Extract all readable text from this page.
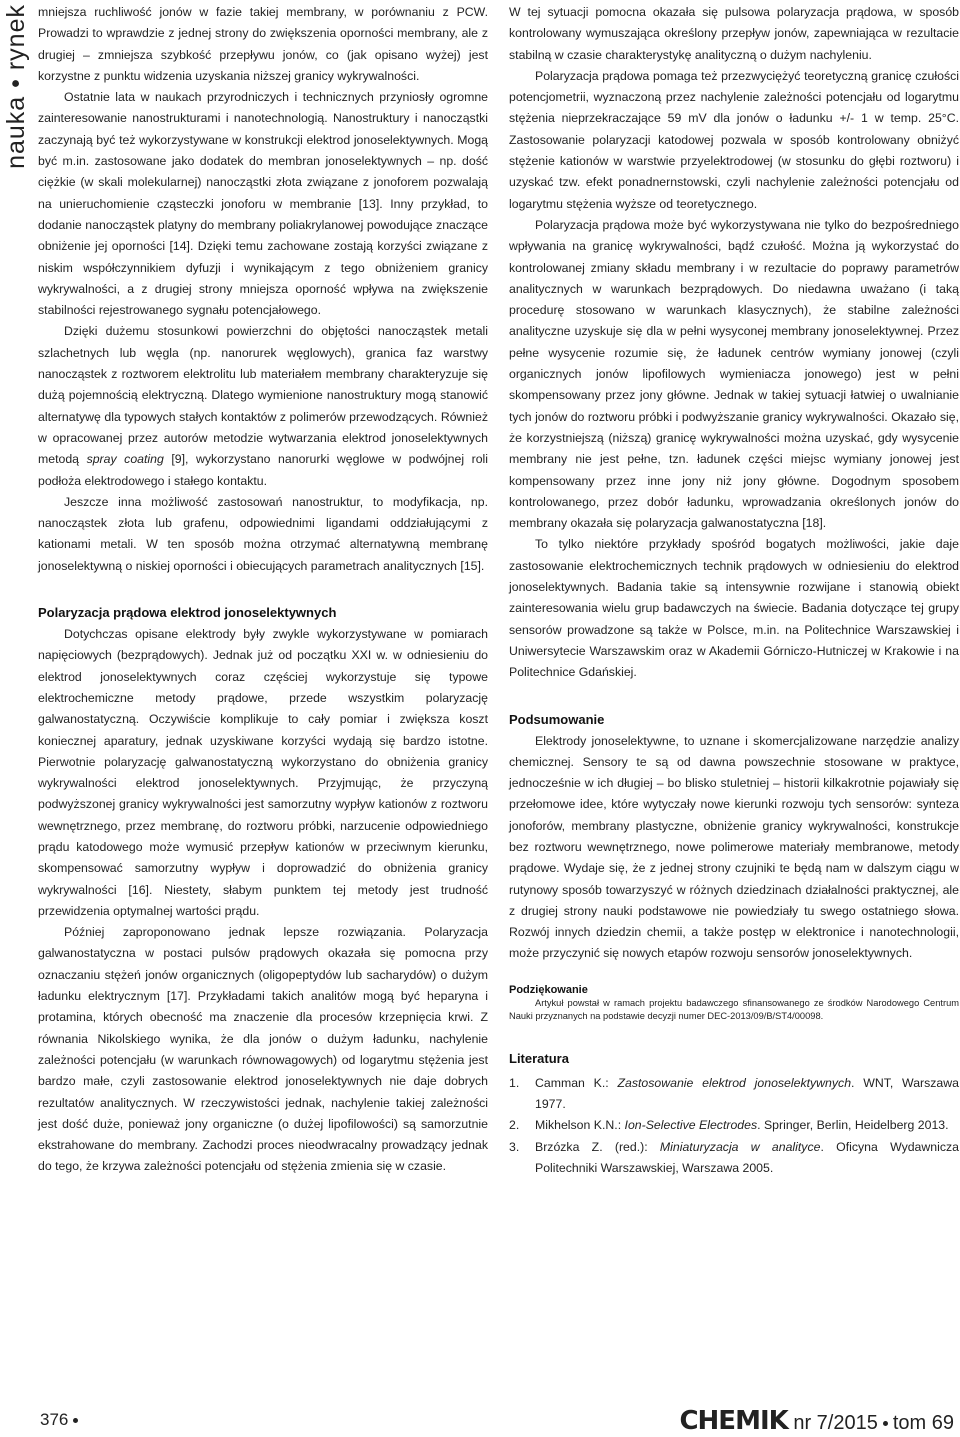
nauka • rynek mniejsza ruchliwość jonów w fazie takiej membrany, w porównaniu z PCW. Prowadzi to wprawdzie z jednej strony do zwiększenia oporności membrany, ale z drugiej – zmniejsza szybkość przepływu jonów, co (jak opisano wyżej) jest korzystne z punktu widzenia uzyskania niższej granicy wykrywalności.

Ostatnie lata w naukach przyrodniczych i technicznych przyniosły ogromne zainteresowanie nanostrukturami i nanotechnologią. Nanostruktury i nanocząstki zaczynają być też wykorzystywane w konstrukcji elektrod jonoselektywnych. Mogą być m.in. zastosowane jako dodatek do membran jonoselektywnych – np. dość ciężkie (w skali molekularnej) nanocząstki złota związane z jonoforem pozwalają na unieruchomienie cząsteczki jonoforu w membranie [13]. Inny przykład, to dodanie nanocząstek platyny do membrany poliakrylanowej powodujące znaczące obniżenie jej oporności [14]. Dzięki temu zachowane zostają korzyści związane z niskim współczynnikiem dyfuzji i wynikającym z tego obniżeniem granicy wykrywalności, a z drugiej strony mniejsza oporność wpływa na zwiększenie stabilności rejestrowanego sygnału potencjałowego.

Dzięki dużemu stosunkowi powierzchni do objętości nanocząstek metali szlachetnych lub węgla (np. nanorurek węglowych), granica faz warstwy nanocząstek z roztworem elektrolitu lub materiałem membrany charakteryzuje się dużą pojemnością elektryczną. Dlatego wymienione nanostruktury mogą stanowić alternatywę dla typowych stałych kontaktów z polimerów przewodzących. Również w opracowanej przez autorów metodzie wytwarzania elektrod jonoselektywnych metodą spray coating [9], wykorzystano nanorurki węglowe w podwójnej roli podłoża elektrodowego i stałego kontaktu.

Jeszcze inna możliwość zastosowań nanostruktur, to modyfikacja, np. nanocząstek złota lub grafenu, odpowiednimi ligandami oddziałującymi z kationami metali. W ten sposób można otrzymać alternatywną membranę jonoselektywną o niskiej oporności i obiecujących parametrach analitycznych [15].

Polaryzacja prądowa elektrod jonoselektywnych

Dotychczas opisane elektrody były zwykle wykorzystywane w pomiarach napięciowych (bezprądowych). Jednak już od początku XXI w. w odniesieniu do elektrod jonoselektywnych coraz częściej wykorzystuje się typowe elektrochemiczne metody prądowe, przede wszystkim polaryzację galwanostatyczną. Oczywiście komplikuje to cały pomiar i zwiększa koszt koniecznej aparatury, jednak uzyskiwane korzyści wydają się bardzo istotne. Pierwotnie polaryzację galwanostatyczną wykorzystano do obniżenia granicy wykrywalności elektrod jonoselektywnych. Przyjmując, że przyczyną podwyższonej granicy wykrywalności jest samorzutny wypływ kationów z roztworu wewnętrznego, przez membranę, do roztworu próbki, narzucenie odpowiedniego prądu katodowego może wymusić przepływ kationów w przeciwnym kierunku, skompensować samorzutny wypływ i doprowadzić do obniżenia granicy wykrywalności [16]. Niestety, słabym punktem tej metody jest trudność przewidzenia optymalnej wartości prądu.

Później zaproponowano jednak lepsze rozwiązania. Polaryzacja galwanostatyczna w postaci pulsów prądowych okazała się pomocna przy oznaczaniu stężeń jonów organicznych (oligopeptydów lub sacharydów) o dużym ładunku elektrycznym [17]. Przykładami takich analitów mogą być heparyna i protamina, których obecność ma znaczenie dla procesów krzepnięcia krwi. Z równania Nikolskiego wynika, że dla jonów o dużym ładunku, nachylenie zależności potencjału (w warunkach równowagowych) od logarytmu stężenia jest bardzo małe, czyli zastosowanie elektrod jonoselektywnych nie daje dobrych rezultatów analitycznych. W rzeczywistości jednak, nachylenie takiej zależności jest dość duże, ponieważ jony organiczne (o dużej lipofilowości) są samorzutnie ekstrahowane do membrany. Zachodzi proces nieodwracalny prowadzący jednak do tego, że krzywa zależności potencjału od stężenia zmienia się w czasie.

W tej sytuacji pomocna okazała się pulsowa polaryzacja prądowa, w sposób kontrolowany wymuszająca określony przepływ jonów, zapewniająca w rezultacie stabilną w czasie charakterystykę analityczną o dużym nachyleniu.

Polaryzacja prądowa pomaga też przezwyciężyć teoretyczną granicę czułości potencjometrii, wyznaczoną przez nachylenie zależności potencjału od logarytmu stężenia nieprzekraczające 59 mV dla jonów o ładunku +/- 1 w temp. 25°C. Zastosowanie polaryzacji katodowej pozwala w sposób kontrolowany obniżyć stężenie kationów w warstwie przyelektrodowej (w stosunku do głębi roztworu) i uzyskać tzw. efekt ponadnernstowski, czyli nachylenie zależności potencjału od logarytmu stężenia wyższe od teoretycznego.

Polaryzacja prądowa może być wykorzystywana nie tylko do bezpośredniego wpływania na granicę wykrywalności, bądź czułość. Można ją wykorzystać do kontrolowanej zmiany składu membrany i w rezultacie do poprawy parametrów analitycznych w warunkach bezprądowych. Do niedawna uważano (i taką procedurę stosowano w warunkach klasycznych), że stabilne zależności analityczne uzyskuje się dla w pełni wysyconej membrany jonoselektywnej. Przez pełne wysycenie rozumie się, że ładunek centrów wymiany jonowej (czyli organicznych jonów lipofilowych wymieniacza jonowego) jest w pełni skompensowany przez jony główne. Jednak w takiej sytuacji łatwiej o uwalnianie tych jonów do roztworu próbki i podwyższanie granicy wykrywalności. Okazało się, że korzystniejszą (niższą) granicę wykrywalności można uzyskać, gdy wysycenie membrany nie jest pełne, tzn. ładunek części miejsc wymiany jonowej jest kompensowany przez inne jony niż jony główne. Dogodnym sposobem kontrolowanego, przez dobór ładunku, wprowadzania określonych jonów do membrany okazała się polaryzacja galwanostatyczna [18].

To tylko niektóre przykłady spośród bogatych możliwości, jakie daje zastosowanie elektrochemicznych technik prądowych w odniesieniu do elektrod jonoselektywnych. Badania takie są intensywnie rozwijane i stanowią obiekt zainteresowania wielu grup badawczych na świecie. Badania dotyczące tej grupy sensorów prowadzone są także w Polsce, m.in. na Politechnice Warszawskiej i Uniwersytecie Warszawskim oraz w Akademii Górniczo-Hutniczej w Krakowie i na Politechnice Gdańskiej.

Podsumowanie

Elektrody jonoselektywne, to uznane i skomercjalizowane narzędzie analizy chemicznej. Sensory te są od dawna powszechnie stosowane w praktyce, jednocześnie w ich długiej – bo blisko stuletniej – historii kilkakrotnie pojawiały się przełomowe idee, które wytyczały nowe kierunki rozwoju tych sensorów: synteza jonoforów, membrany plastyczne, obniżenie granicy wykrywalności, konstrukcje bez roztworu wewnętrznego, nowe polimerowe materiały membranowe, metody prądowe. Wydaje się, że z jednej strony czujniki te będą nam w dalszym ciągu w rutynowy sposób towarzyszyć w różnych dziedzinach działalności praktycznej, ale z drugiej strony nauki podstawowe nie powiedziały tu swego ostatniego słowa. Rozwój innych dziedzin chemii, a także postęp w elektronice i nanotechnologii, może przyczynić się nowych etapów rozwoju sensorów jonoselektywnych.

Podziękowanie

Artykuł powstał w ramach projektu badawczego sfinansowanego ze środków Narodowego Centrum Nauki przyznanych na podstawie decyzji numer DEC-2013/09/B/ST4/00098.

Literatura
1. Camman K.: Zastosowanie elektrod jonoselektywnych. WNT, Warszawa 1977.
2. Mikhelson K.N.: Ion-Selective Electrodes. Springer, Berlin, Heidelberg 2013.
3. Brzózka Z. (red.): Miniaturyzacja w analityce. Oficyna Wydawnicza Politechniki Warszawskiej, Warszawa 2005.
376	CHEMIK nr 7/2015 tom 69
